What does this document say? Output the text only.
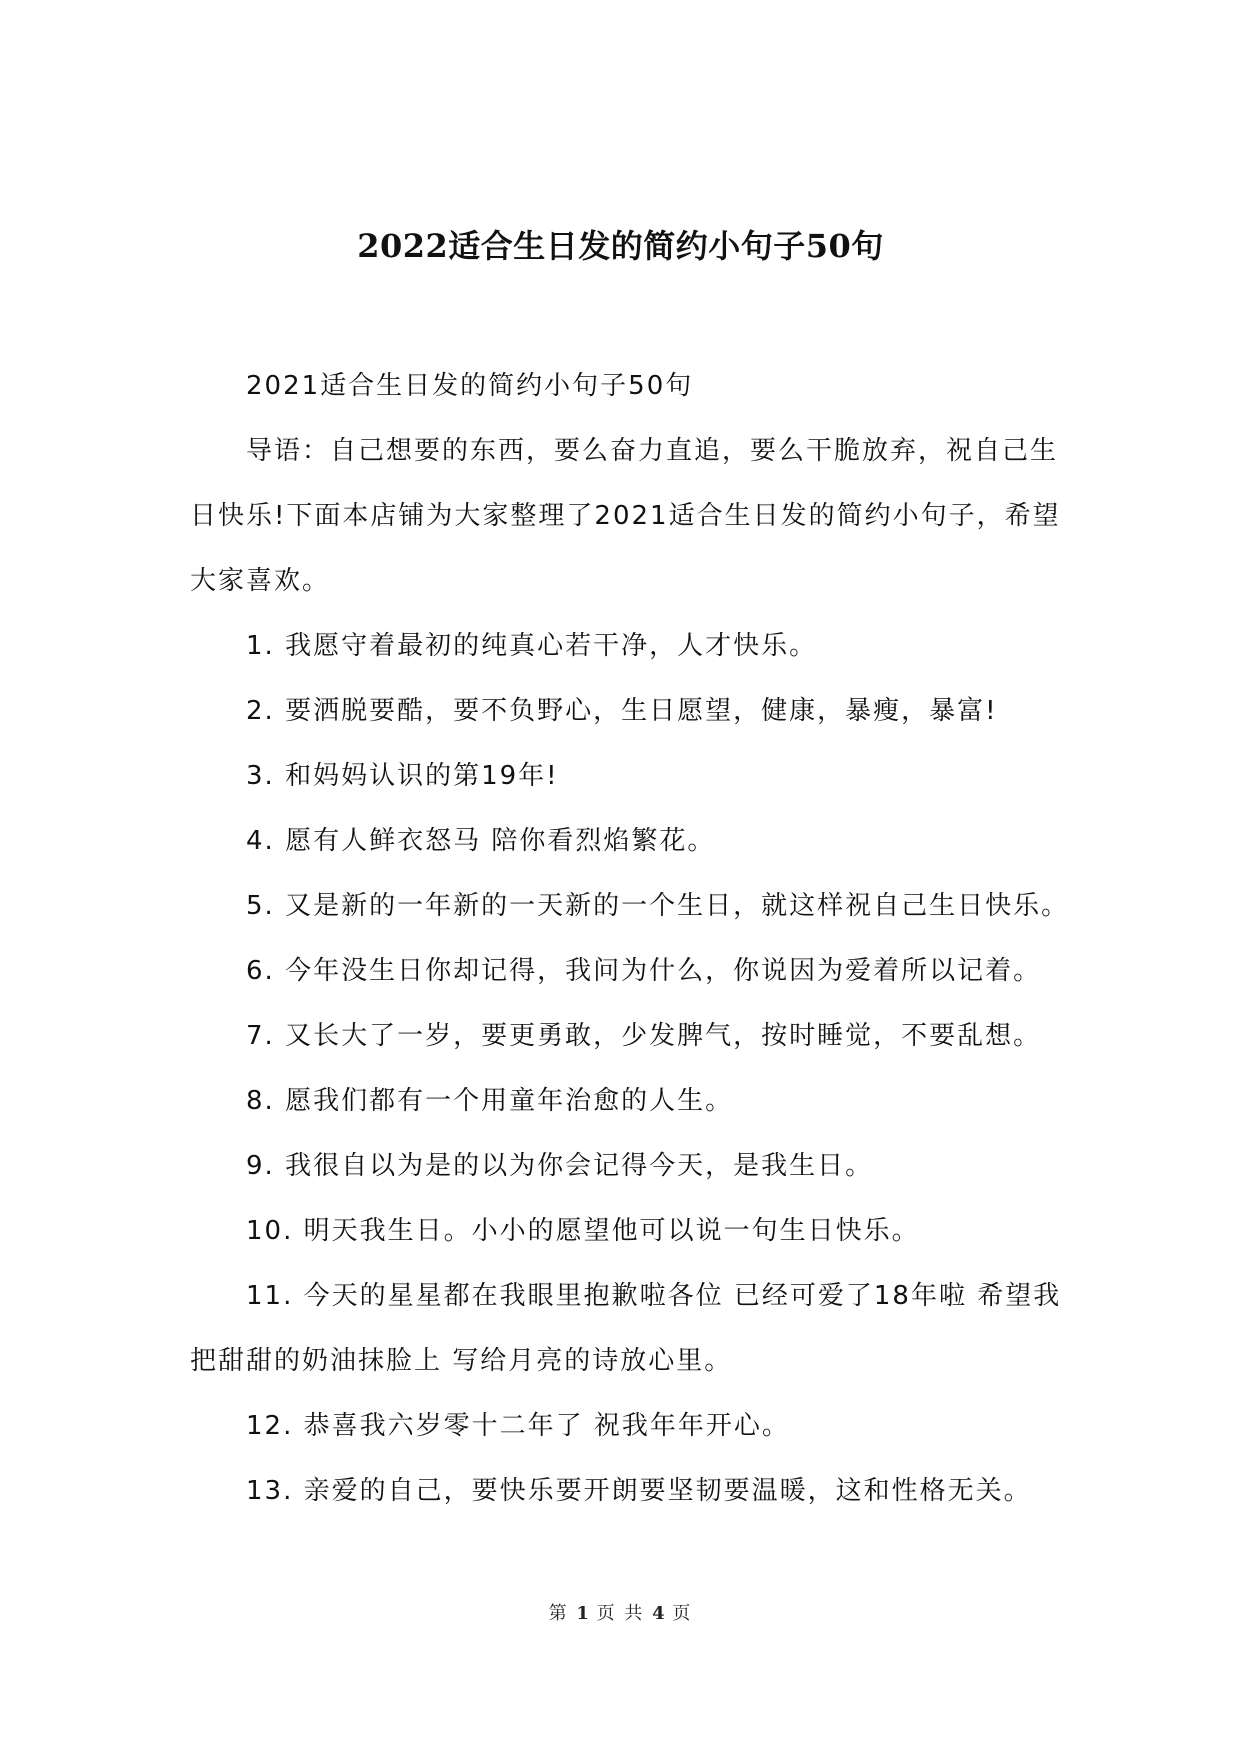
2022适合生日发的简约小句子50句

2021适合生日发的简约小句子50句

导语：自己想要的东西，要么奋力直追，要么干脆放弃，祝自己生日快乐!下面本店铺为大家整理了2021适合生日发的简约小句子，希望大家喜欢。

1. 我愿守着最初的纯真心若干净，人才快乐。

2. 要洒脱要酷，要不负野心，生日愿望，健康，暴瘦，暴富!

3. 和妈妈认识的第19年!

4. 愿有人鲜衣怒马 陪你看烈焰繁花。

5. 又是新的一年新的一天新的一个生日，就这样祝自己生日快乐。

6. 今年没生日你却记得，我问为什么，你说因为爱着所以记着。

7. 又长大了一岁，要更勇敢，少发脾气，按时睡觉，不要乱想。

8. 愿我们都有一个用童年治愈的人生。

9. 我很自以为是的以为你会记得今天，是我生日。

10. 明天我生日。小小的愿望他可以说一句生日快乐。

11. 今天的星星都在我眼里抱歉啦各位 已经可爱了18年啦 希望我把甜甜的奶油抹脸上 写给月亮的诗放心里。

12. 恭喜我六岁零十二年了 祝我年年开心。

13. 亲爱的自己，要快乐要开朗要坚韧要温暖，这和性格无关。

第 1 页 共 4 页
